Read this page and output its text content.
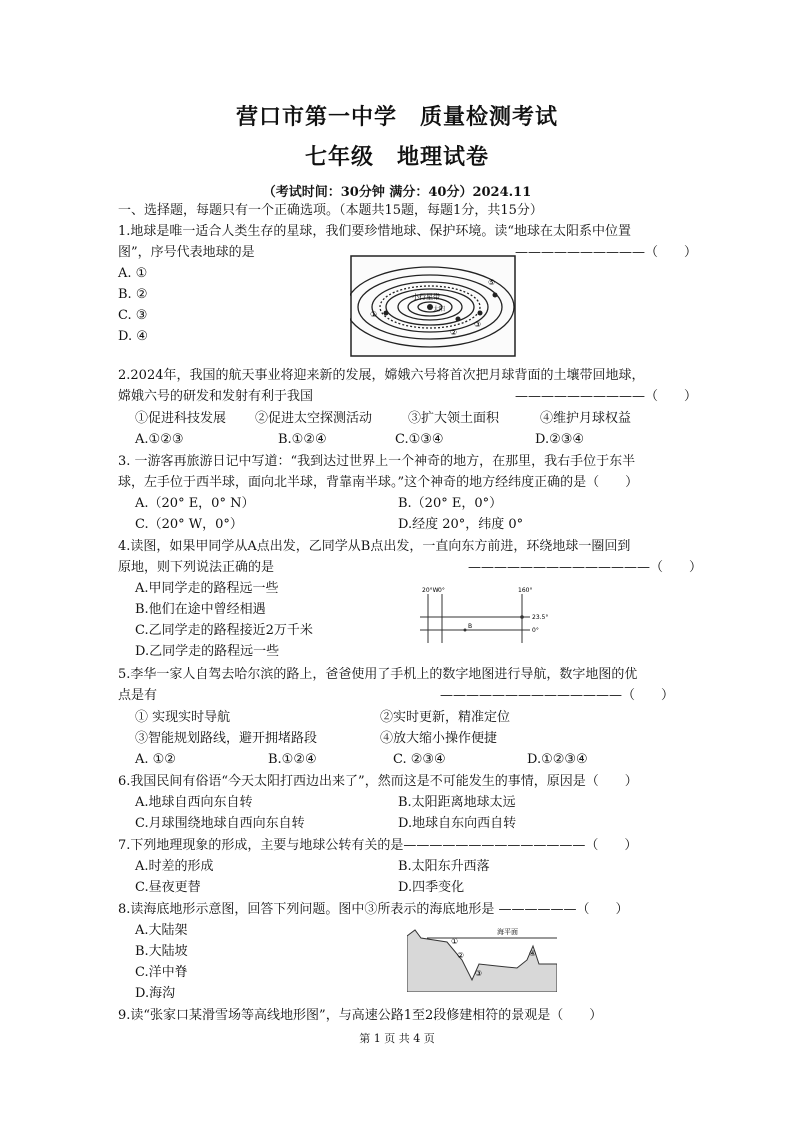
营口市第一中学　质量检测考试
七年级　地理试卷
（考试时间：30分钟 满分：40分）2024.11
一、选择题，每题只有一个正确选项。（本题共15题，每题1分，共15分）
1.地球是唯一适合人类生存的星球，我们要珍惜地球、保护环境。读“地球在太阳系中位置
图”，序号代表地球的是	——————————（　　）
A. ①
B. ②
C. ③
D. ④
小行星带
太阳
①
②
③
⑤
2.2024年，我国的航天事业将迎来新的发展，嫦娥六号将首次把月球背面的土壤带回地球，
嫦娥六号的研发和发射有利于我国	——————————（　　）
①促进科技发展 ②促进太空探测活动	③扩大领土面积	④维护月球权益
A.①②③	B.①②④	C.①③④	D.②③④
3. 一游客再旅游日记中写道：“我到达过世界上一个神奇的地方，在那里，我右手位于东半
球，左手位于西半球，面向北半球，背靠南半球。”这个神奇的地方经纬度正确的是（　　）
A.（20° E，0° N）	B.（20° E，0°）
C.（20° W，0°）	D.经度 20°，纬度 0°
4.读图，如果甲同学从A点出发，乙同学从B点出发，一直向东方前进，环绕地球一圈回到
原地，则下列说法正确的是	——————————————（　　）
A.甲同学走的路程远一些
B.他们在途中曾经相遇
C.乙同学走的路程接近2万千米
D.乙同学走的路程远一些
20°W 0°	160°
B
23.5°
0°
5.李华一家人自驾去哈尔滨的路上，爸爸使用了手机上的数字地图进行导航，数字地图的优
点是有	——————————————（　　）
① 实现实时导航	②实时更新，精准定位
③智能规划路线，避开拥堵路段	④放大缩小操作便捷
A. ①②	B.①②④	C. ②③④	D.①②③④
6.我国民间有俗语“今天太阳打西边出来了”，然而这是不可能发生的事情，原因是（　　）
A.地球自西向东自转	B.太阳距离地球太远
C.月球围绕地球自西向东自转	D.地球自东向西自转
7.下列地理现象的形成，主要与地球公转有关的是——————————————（　　）
A.时差的形成	B.太阳东升西落
C.昼夜更替	D.四季变化
8.读海底地形示意图，回答下列问题。图中③所表示的海底地形是 ——————（　　）
A.大陆架
B.大陆坡
C.洋中脊
D.海沟
海平面
①
②
③
④
9.读“张家口某滑雪场等高线地形图”，与高速公路1至2段修建相符的景观是（　　）
第 1 页 共 4 页
